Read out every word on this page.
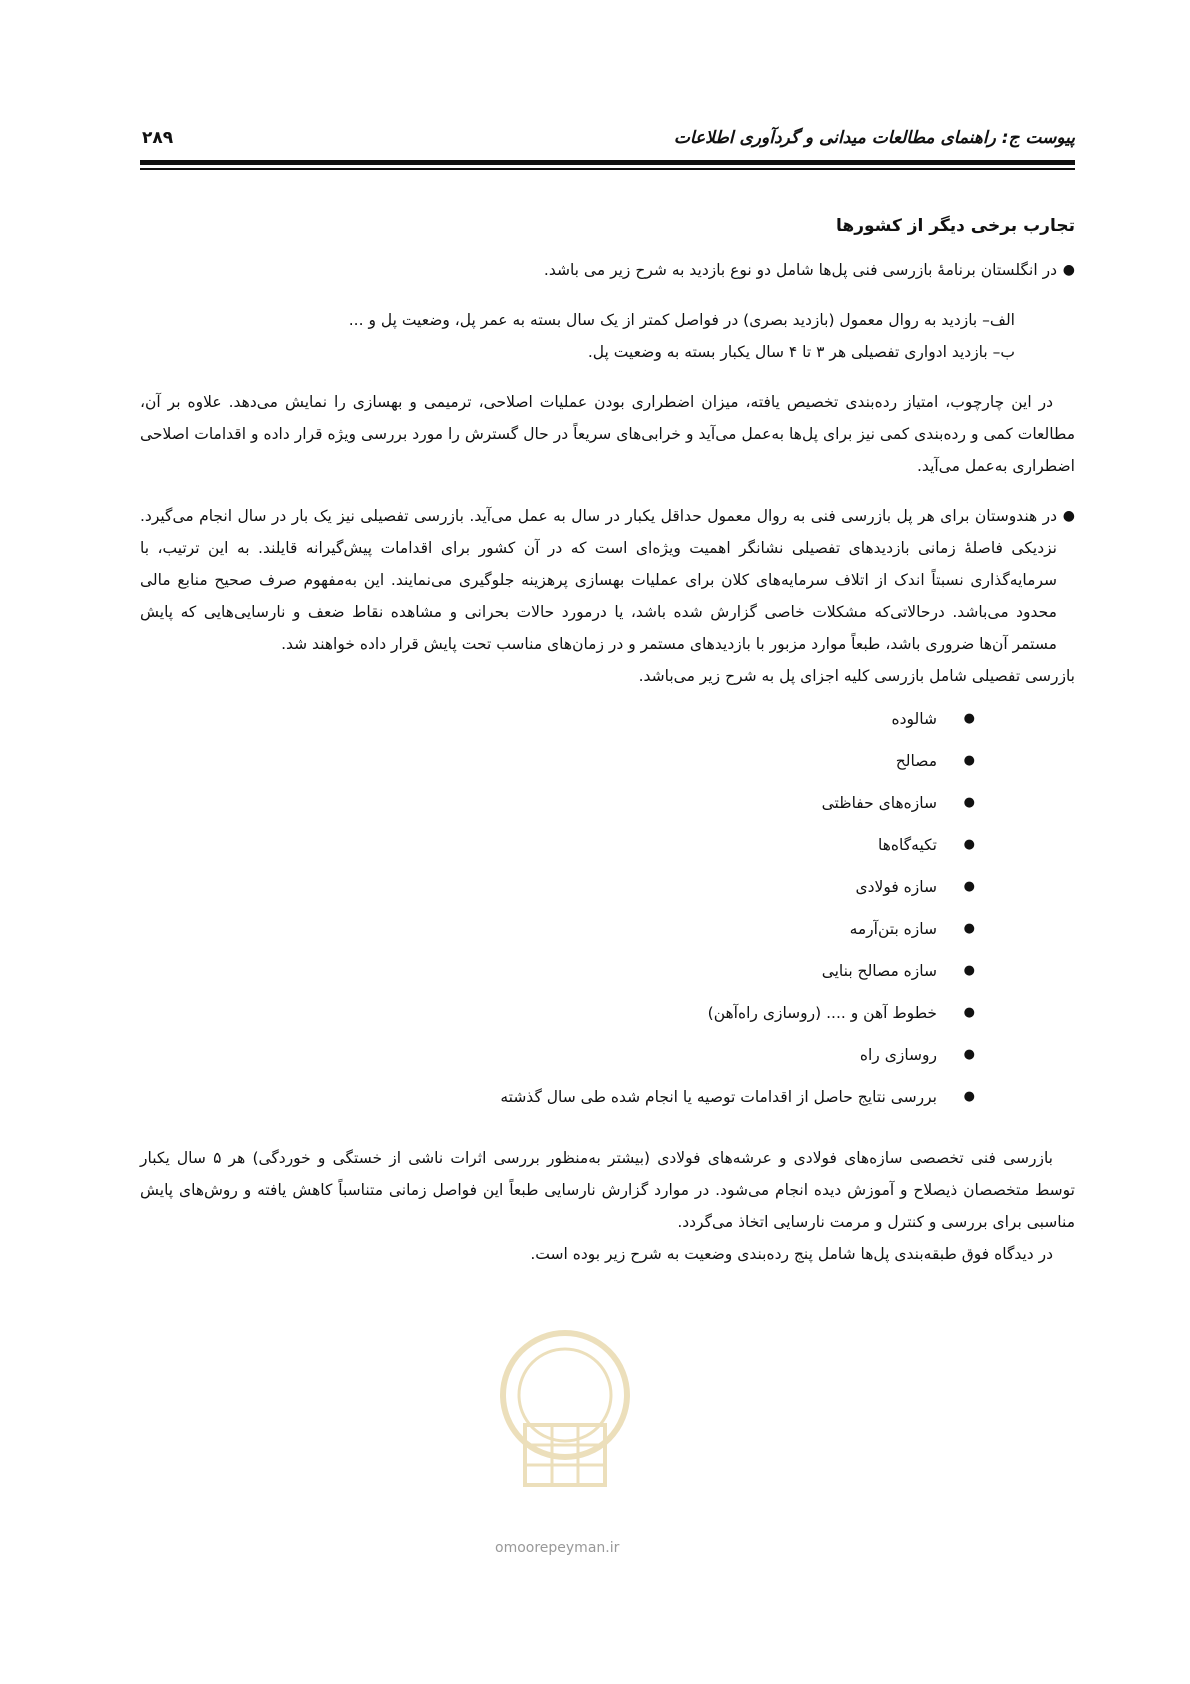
پیوست ج: راهنمای مطالعات میدانی و گردآوری اطلاعات
۲۸۹

تجارب برخی دیگر از کشورها

●
در انگلستان برنامۀ بازرسی فنی پل‌ها شامل دو نوع بازدید به شرح زیر می باشد.

الف– بازدید به روال معمول (بازدید بصری) در فواصل کمتر از یک سال بسته به عمر پل، وضعیت پل و ...

ب– بازدید ادواری تفصیلی هر ۳ تا ۴ سال یکبار بسته به وضعیت پل.

در این چارچوب، امتیاز رده‌بندی تخصیص یافته، میزان اضطراری بودن عملیات اصلاحی، ترمیمی و بهسازی را نمایش می‌دهد. علاوه بر آن، مطالعات کمی و رده‌بندی کمی نیز برای پل‌ها به‌عمل می‌آید و خرابی‌های سریعاً در حال گسترش را مورد بررسی ویژه قرار داده و اقدامات اصلاحی اضطراری به‌عمل می‌آید.

●
در هندوستان برای هر پل بازرسی فنی به روال معمول حداقل یکبار در سال به عمل می‌آید. بازرسی تفصیلی نیز یک بار در سال انجام می‌گیرد. نزدیکی فاصلۀ زمانی بازدیدهای تفصیلی نشانگر اهمیت ویژه‌ای است که در آن کشور برای اقدامات پیش‌گیرانه قایلند. به این ترتیب، با سرمایه‌گذاری نسبتاً اندک از اتلاف سرمایه‌های کلان برای عملیات بهسازی پرهزینه جلوگیری می‌نمایند. این به‌مفهوم صرف صحیح منابع مالی محدود می‌باشد. درحالاتی‌که مشکلات خاصی گزارش شده باشد، یا درمورد حالات بحرانی و مشاهده نقاط ضعف و نارسایی‌هایی که پایش مستمر آن‌ها ضروری باشد، طبعاً موارد مزبور با بازدیدهای مستمر و در زمان‌های مناسب تحت پایش قرار داده خواهند شد.

بازرسی تفصیلی شامل بازرسی کلیه اجزای پل به شرح زیر می‌باشد.

●
شالوده
●
مصالح
●
سازه‌های حفاظتی
●
تکیه‌گاه‌ها
●
سازه فولادی
●
سازه بتن‌آرمه
●
سازه مصالح بنایی
●
خطوط آهن و .... (روسازی راه‌آهن)
●
روسازی راه
●
بررسی نتایج حاصل از اقدامات توصیه یا انجام شده طی سال گذشته

بازرسی فنی تخصصی سازه‌های فولادی و عرشه‌های فولادی (بیشتر به‌منظور بررسی اثرات ناشی از خستگی و خوردگی) هر ۵ سال یکبار توسط متخصصان ذیصلاح و آموزش دیده انجام می‌شود. در موارد گزارش نارسایی طبعاً این فواصل زمانی متناسباً کاهش یافته و روش‌های پایش مناسبی برای بررسی و کنترل و مرمت نارسایی اتخاذ می‌گردد.

در دیدگاه فوق طبقه‌بندی پل‌ها شامل پنج رده‌بندی وضعیت به شرح زیر بوده است.

omoorepeyman.ir
